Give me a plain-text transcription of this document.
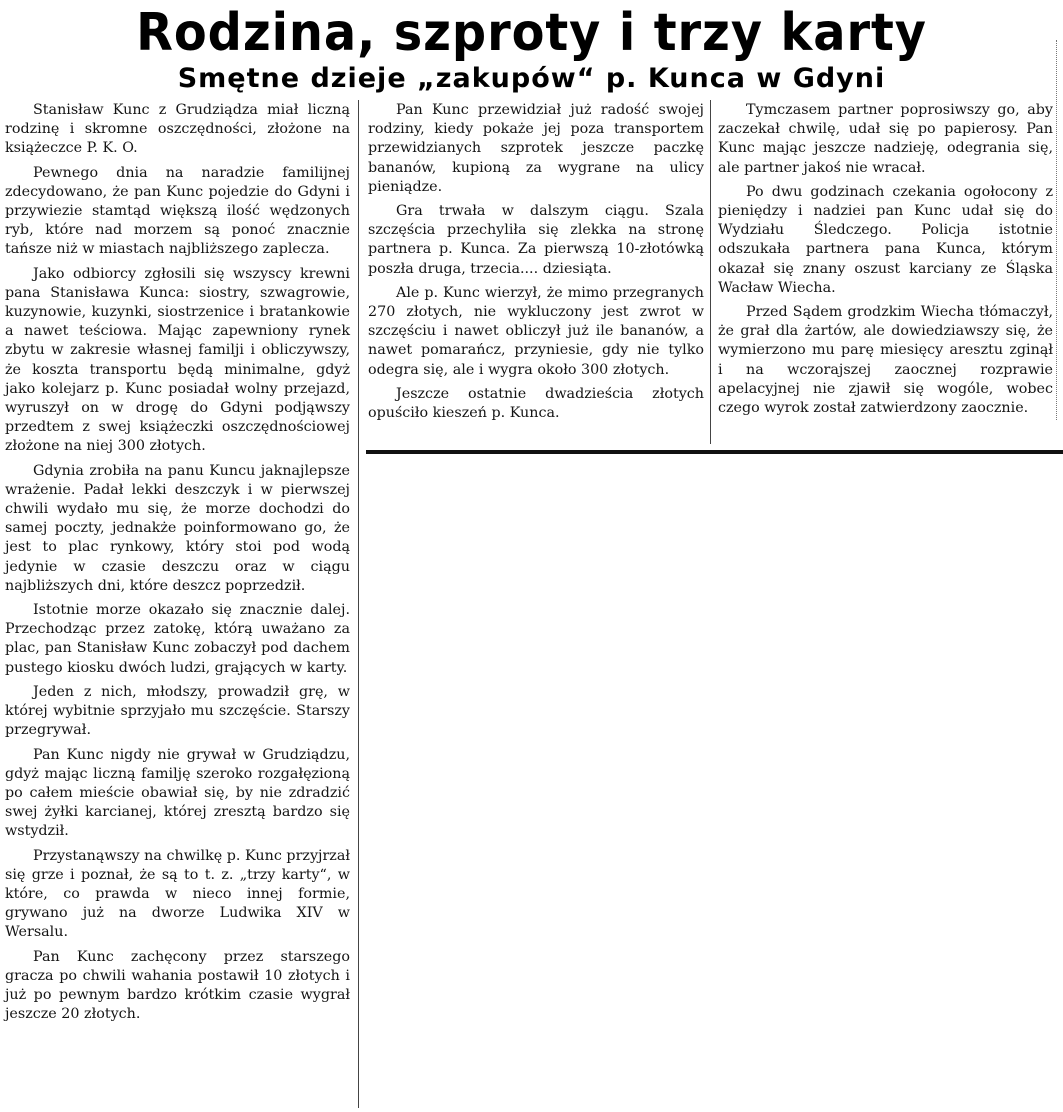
Rodzina, szproty i trzy karty
Smętne dzieje „zakupów“ p. Kunca w Gdyni

Stanisław Kunc z Grudziądza miał liczną rodzinę i skromne oszczędności, złożone na książeczce P. K. O.

Pewnego dnia na naradzie familijnej zdecydowano, że pan Kunc pojedzie do Gdyni i przywiezie stamtąd większą ilość wędzonych ryb, które nad morzem są ponoć znacznie tańsze niż w miastach najbliższego zaplecza.

Jako odbiorcy zgłosili się wszyscy krewni pana Stanisława Kunca: siostry, szwagrowie, kuzynowie, kuzynki, siostrzenice i bratankowie a nawet teściowa. Mając zapewniony rynek zbytu w zakresie własnej familji i obliczywszy, że koszta transportu będą minimalne, gdyż jako kolejarz p. Kunc posiadał wolny przejazd, wyruszył on w drogę do Gdyni podjąwszy przedtem z swej książeczki oszczędnościowej złożone na niej 300 złotych.

Gdynia zrobiła na panu Kuncu jaknajlepsze wrażenie. Padał lekki deszczyk i w pierwszej chwili wydało mu się, że morze dochodzi do samej poczty, jednakże poinformowano go, że jest to plac rynkowy, który stoi pod wodą jedynie w czasie deszczu oraz w ciągu najbliższych dni, które deszcz poprzedził.

Istotnie morze okazało się znacznie dalej. Przechodząc przez zatokę, którą uważano za plac, pan Stanisław Kunc zobaczył pod dachem pustego kiosku dwóch ludzi, grających w karty.

Jeden z nich, młodszy, prowadził grę, w której wybitnie sprzyjało mu szczęście. Starszy przegrywał.

Pan Kunc nigdy nie grywał w Grudziądzu, gdyż mając liczną familję szeroko rozgałęzioną po całem mieście obawiał się, by nie zdradzić swej żyłki karcianej, której zresztą bardzo się wstydził.

Przystanąwszy na chwilkę p. Kunc przyjrzał się grze i poznał, że są to t. z. „trzy karty“, w które, co prawda w nieco innej formie, grywano już na dworze Ludwika XIV w Wersalu.

Pan Kunc zachęcony przez starszego gracza po chwili wahania postawił 10 złotych i już po pewnym bardzo krótkim czasie wygrał jeszcze 20 złotych.

Pan Kunc przewidział już radość swojej rodziny, kiedy pokaże jej poza transportem przewidzianych szprotek jeszcze paczkę bananów, kupioną za wygrane na ulicy pieniądze.

Gra trwała w dalszym ciągu. Szala szczęścia przechyliła się zlekka na stronę partnera p. Kunca. Za pierwszą 10-złotówką poszła druga, trzecia.... dziesiąta.

Ale p. Kunc wierzył, że mimo przegranych 270 złotych, nie wykluczony jest zwrot w szczęściu i nawet obliczył już ile bananów, a nawet pomarańcz, przyniesie, gdy nie tylko odegra się, ale i wygra około 300 złotych.

Jeszcze ostatnie dwadzieścia złotych opuściło kieszeń p. Kunca.

Tymczasem partner poprosiwszy go, aby zaczekał chwilę, udał się po papierosy. Pan Kunc mając jeszcze nadzieję, odegrania się, ale partner jakoś nie wracał.

Po dwu godzinach czekania ogołocony z pieniędzy i nadziei pan Kunc udał się do Wydziału Śledczego. Policja istotnie odszukała partnera pana Kunca, którym okazał się znany oszust karciany ze Śląska Wacław Wiecha.

Przed Sądem grodzkim Wiecha tłómaczył, że grał dla żartów, ale dowiedziawszy się, że wymierzono mu parę miesięcy aresztu zginął i na wczorajszej zaocznej rozprawie apelacyjnej nie zjawił się wogóle, wobec czego wyrok został zatwierdzony zaocznie.
